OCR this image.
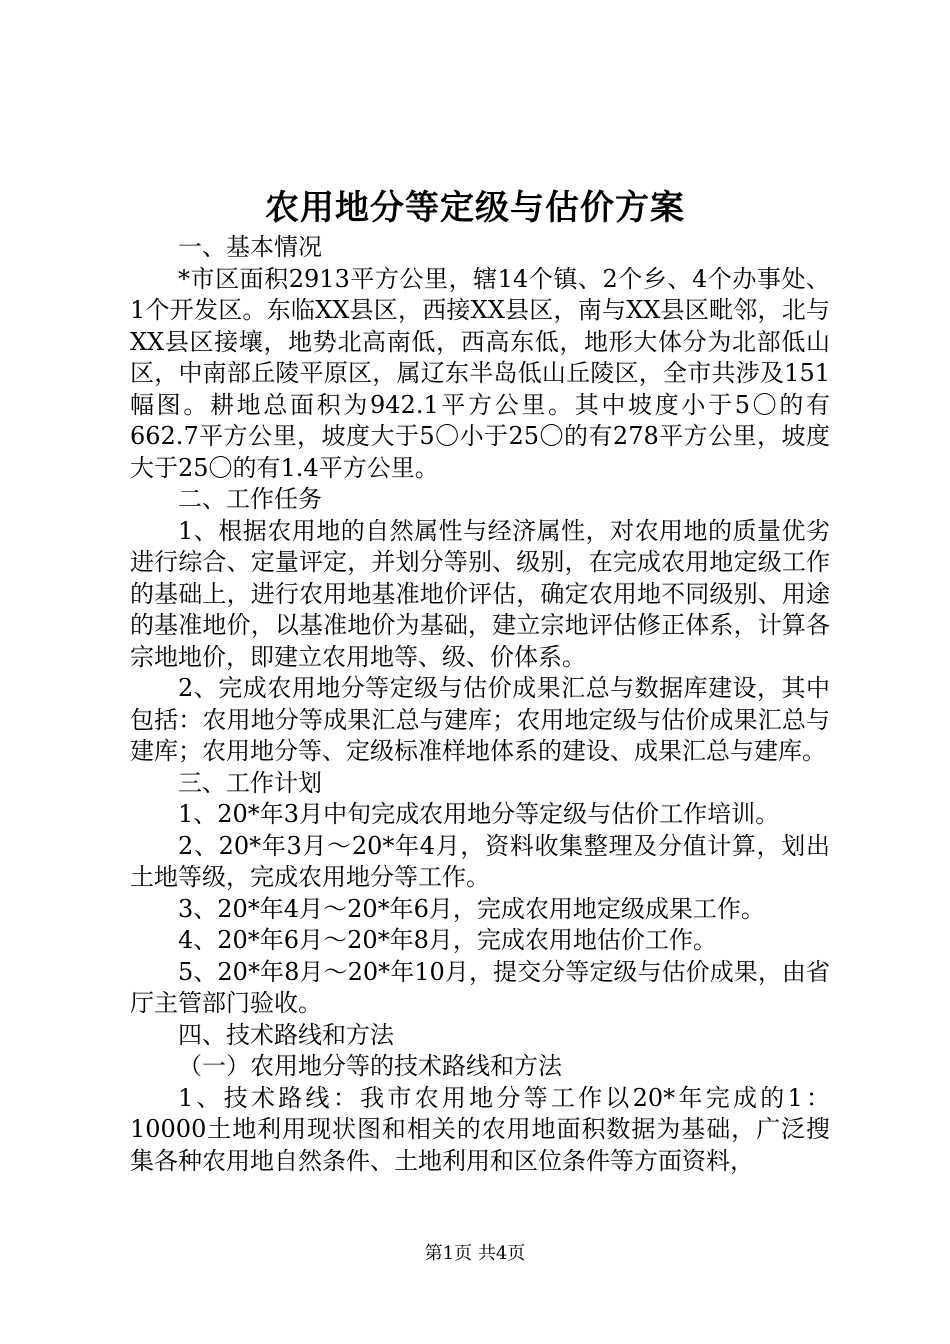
农用地分等定级与估价方案

一、基本情况

*市区面积2913平方公里，辖14个镇、2个乡、4个办事处、1个开发区。东临XX县区，西接XX县区，南与XX县区毗邻，北与XX县区接壤，地势北高南低，西高东低，地形大体分为北部低山区，中南部丘陵平原区，属辽东半岛低山丘陵区，全市共涉及151幅图。耕地总面积为942.1平方公里。其中坡度小于5〇的有662.7平方公里，坡度大于5〇小于25〇的有278平方公里，坡度大于25〇的有1.4平方公里。

二、工作任务

1、根据农用地的自然属性与经济属性，对农用地的质量优劣进行综合、定量评定，并划分等别、级别，在完成农用地定级工作的基础上，进行农用地基准地价评估，确定农用地不同级别、用途的基准地价，以基准地价为基础，建立宗地评估修正体系，计算各宗地地价，即建立农用地等、级、价体系。

2、完成农用地分等定级与估价成果汇总与数据库建设，其中包括：农用地分等成果汇总与建库；农用地定级与估价成果汇总与建库；农用地分等、定级标准样地体系的建设、成果汇总与建库。

三、工作计划

1、20*年3月中旬完成农用地分等定级与估价工作培训。

2、20*年3月～20*年4月，资料收集整理及分值计算，划出土地等级，完成农用地分等工作。

3、20*年4月～20*年6月，完成农用地定级成果工作。

4、20*年6月～20*年8月，完成农用地估价工作。

5、20*年8月～20*年10月，提交分等定级与估价成果，由省厅主管部门验收。

四、技术路线和方法

（一）农用地分等的技术路线和方法

1、技术路线：我市农用地分等工作以20*年完成的1：10000土地利用现状图和相关的农用地面积数据为基础，广泛搜集各种农用地自然条件、土地利用和区位条件等方面资料，

第1页 共4页
